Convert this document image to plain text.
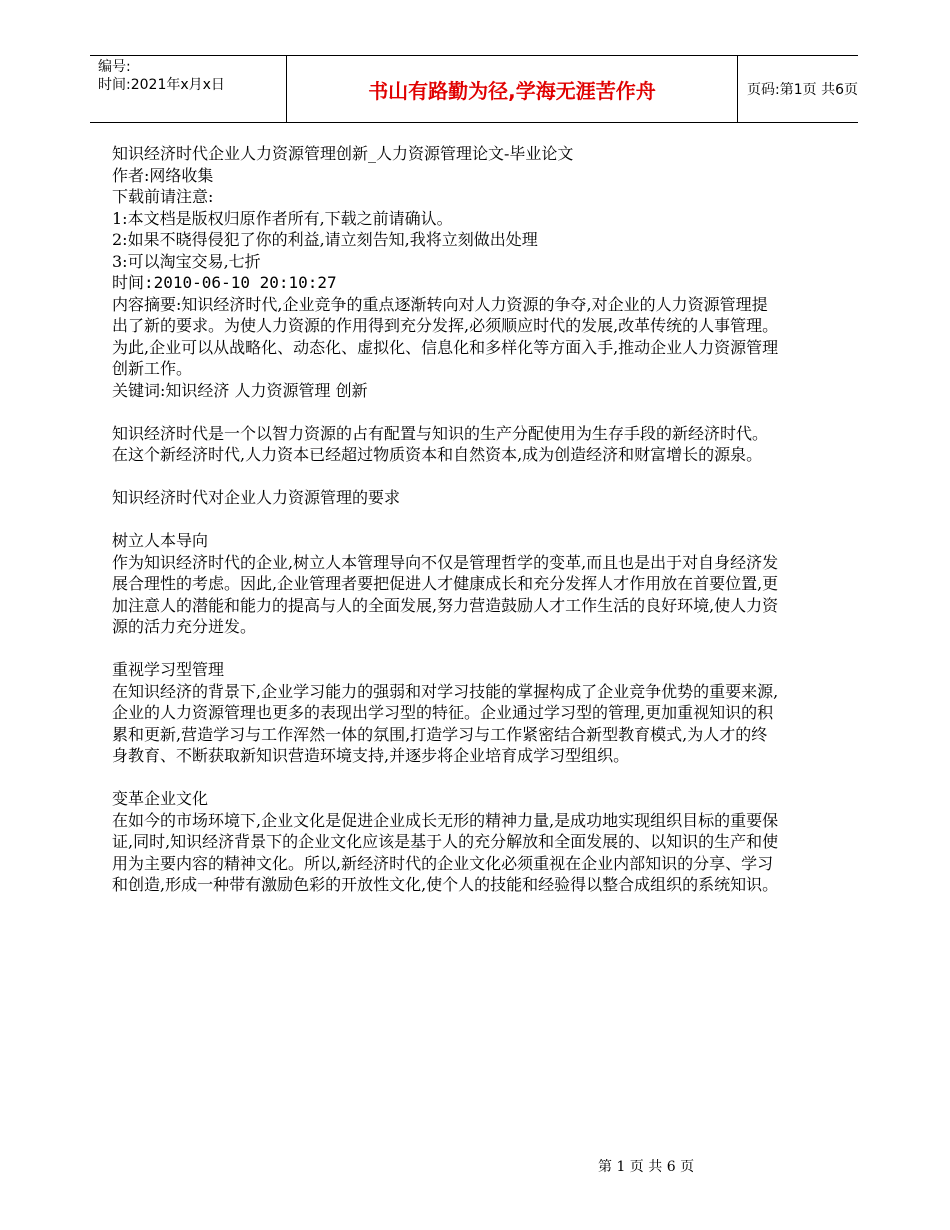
编号:
时间:2021年x月x日	书山有路勤为径,学海无涯苦作舟	页码:第1页 共6页

知识经济时代企业人力资源管理创新_人力资源管理论文-毕业论文

作者:网络收集

下载前请注意:

1:本文档是版权归原作者所有,下载之前请确认。

2:如果不晓得侵犯了你的利益,请立刻告知,我将立刻做出处理

3:可以淘宝交易,七折

时间:2010-06-10 20:10:27

内容摘要:知识经济时代,企业竞争的重点逐渐转向对人力资源的争夺,对企业的人力资源管理提出了新的要求。为使人力资源的作用得到充分发挥,必须顺应时代的发展,改革传统的人事管理。为此,企业可以从战略化、动态化、虚拟化、信息化和多样化等方面入手,推动企业人力资源管理创新工作。

关键词:知识经济 人力资源管理 创新

知识经济时代是一个以智力资源的占有配置与知识的生产分配使用为生存手段的新经济时代。在这个新经济时代,人力资本已经超过物质资本和自然资本,成为创造经济和财富增长的源泉。

知识经济时代对企业人力资源管理的要求

树立人本导向

作为知识经济时代的企业,树立人本管理导向不仅是管理哲学的变革,而且也是出于对自身经济发展合理性的考虑。因此,企业管理者要把促进人才健康成长和充分发挥人才作用放在首要位置,更加注意人的潜能和能力的提高与人的全面发展,努力营造鼓励人才工作生活的良好环境,使人力资源的活力充分迸发。

重视学习型管理

在知识经济的背景下,企业学习能力的强弱和对学习技能的掌握构成了企业竞争优势的重要来源,企业的人力资源管理也更多的表现出学习型的特征。企业通过学习型的管理,更加重视知识的积累和更新,营造学习与工作浑然一体的氛围,打造学习与工作紧密结合新型教育模式,为人才的终身教育、不断获取新知识营造环境支持,并逐步将企业培育成学习型组织。

变革企业文化

在如今的市场环境下,企业文化是促进企业成长无形的精神力量,是成功地实现组织目标的重要保证,同时,知识经济背景下的企业文化应该是基于人的充分解放和全面发展的、以知识的生产和使用为主要内容的精神文化。所以,新经济时代的企业文化必须重视在企业内部知识的分享、学习和创造,形成一种带有激励色彩的开放性文化,使个人的技能和经验得以整合成组织的系统知识。

第 1 页 共 6 页
